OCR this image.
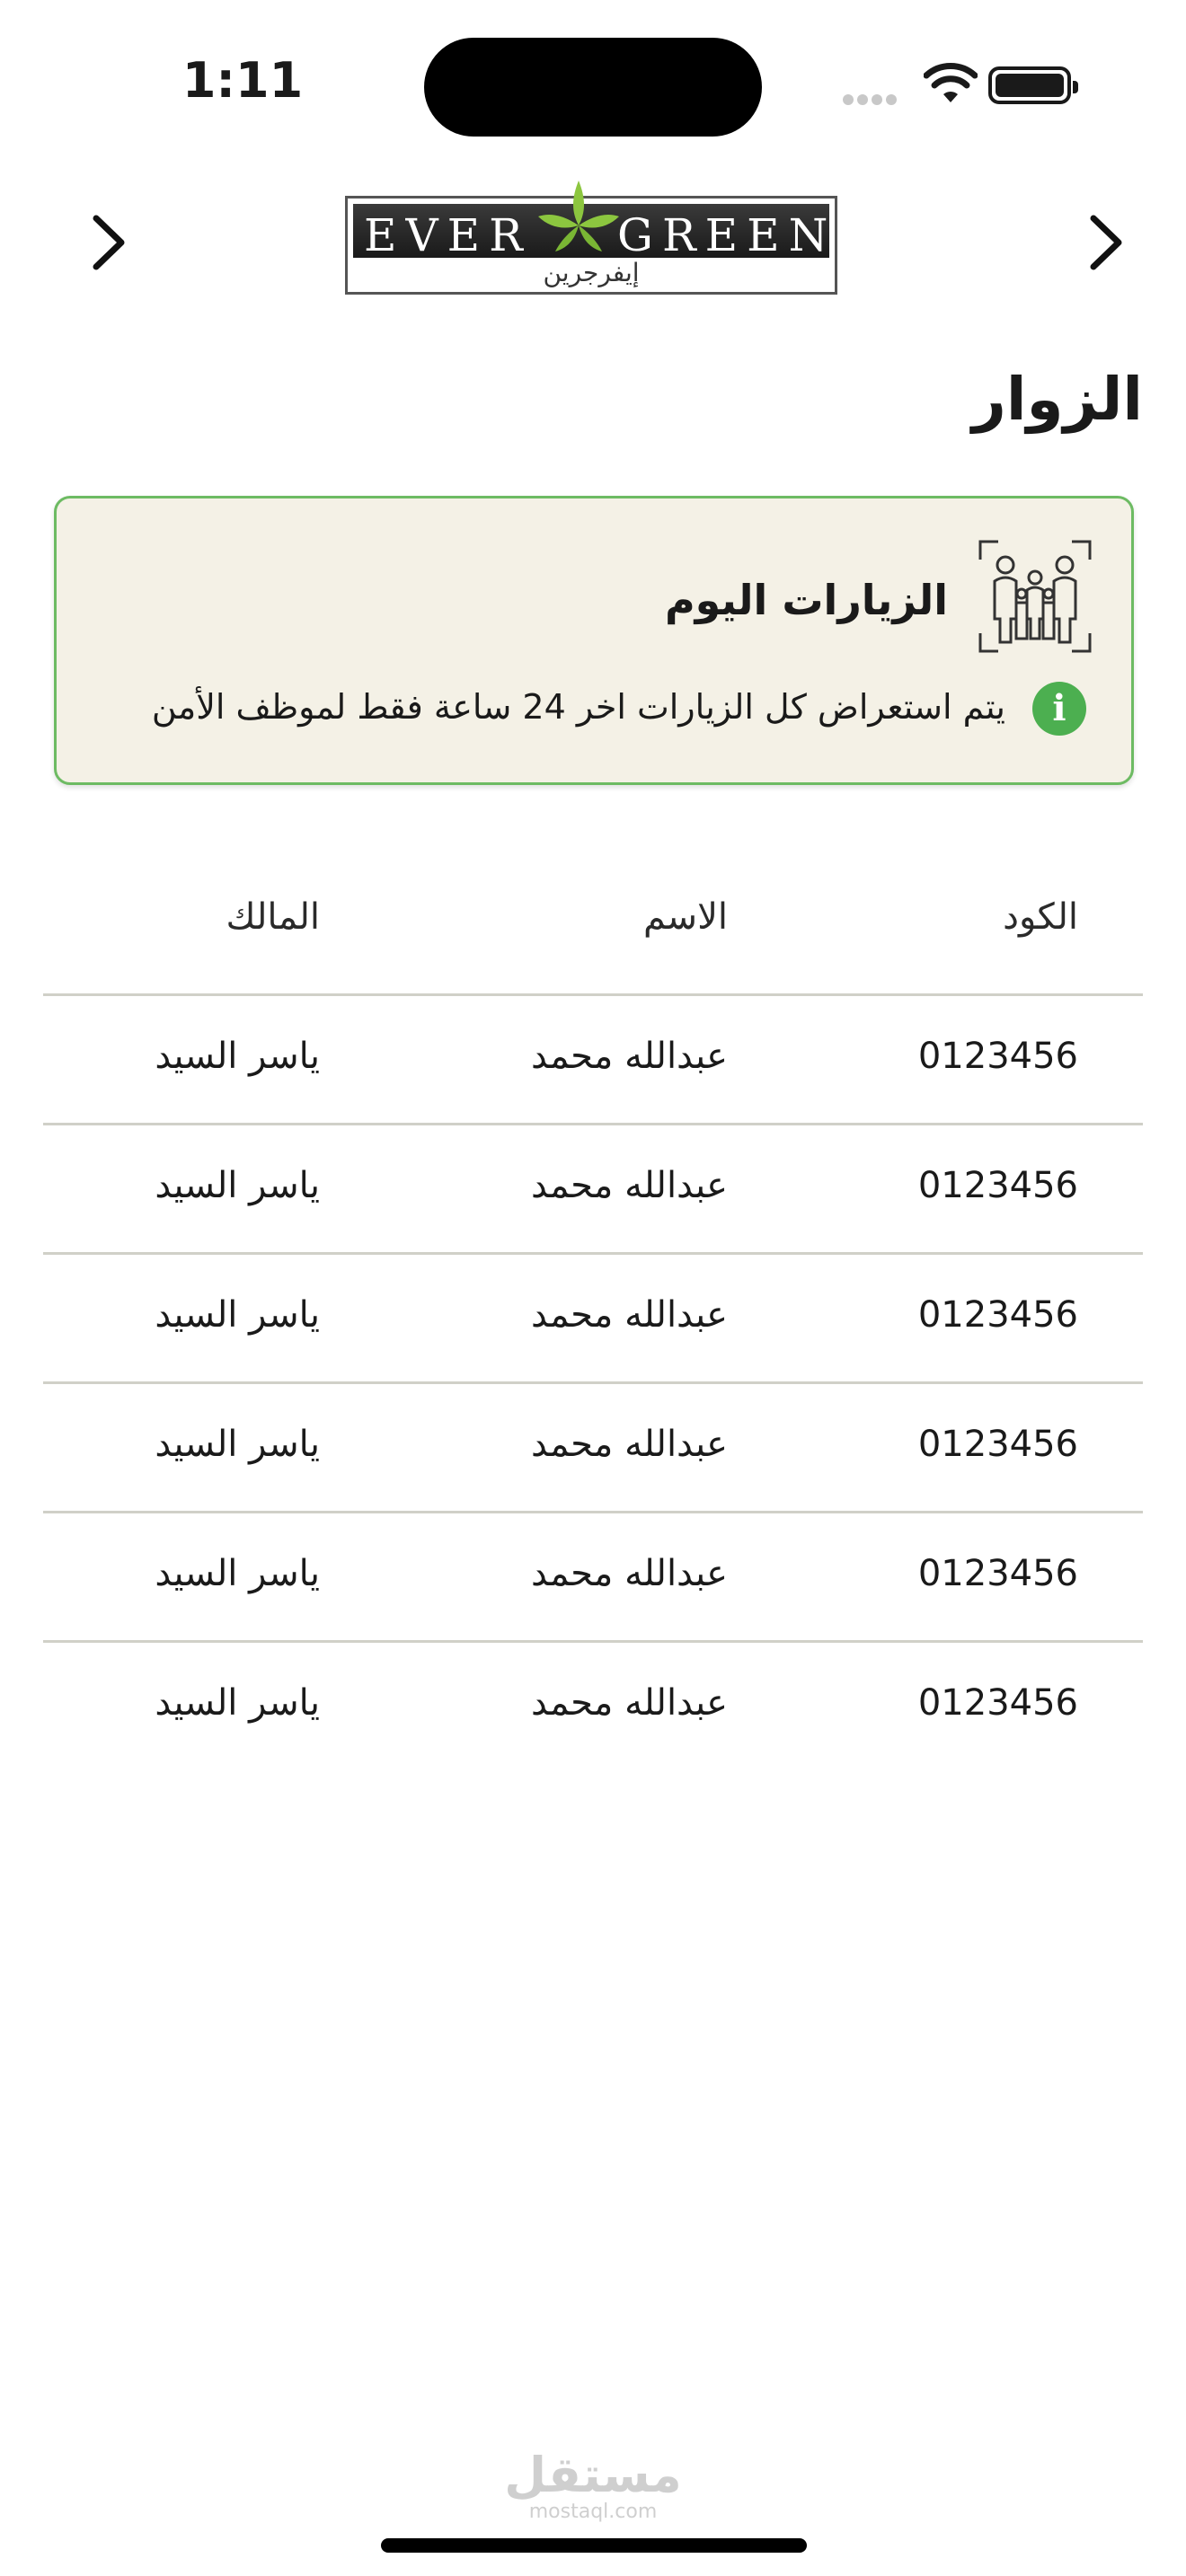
1:11
EVER GREEN
إيفرجرين
الزوار
الزيارات اليوم
i
يتم استعراض كل الزيارات اخر 24 ساعة فقط لموظف الأمن
الكود
الاسم
المالك
0123456
عبدالله محمد
ياسر السيد
0123456
عبدالله محمد
ياسر السيد
0123456
عبدالله محمد
ياسر السيد
0123456
عبدالله محمد
ياسر السيد
0123456
عبدالله محمد
ياسر السيد
0123456
عبدالله محمد
ياسر السيد
مستقل
mostaql.com
